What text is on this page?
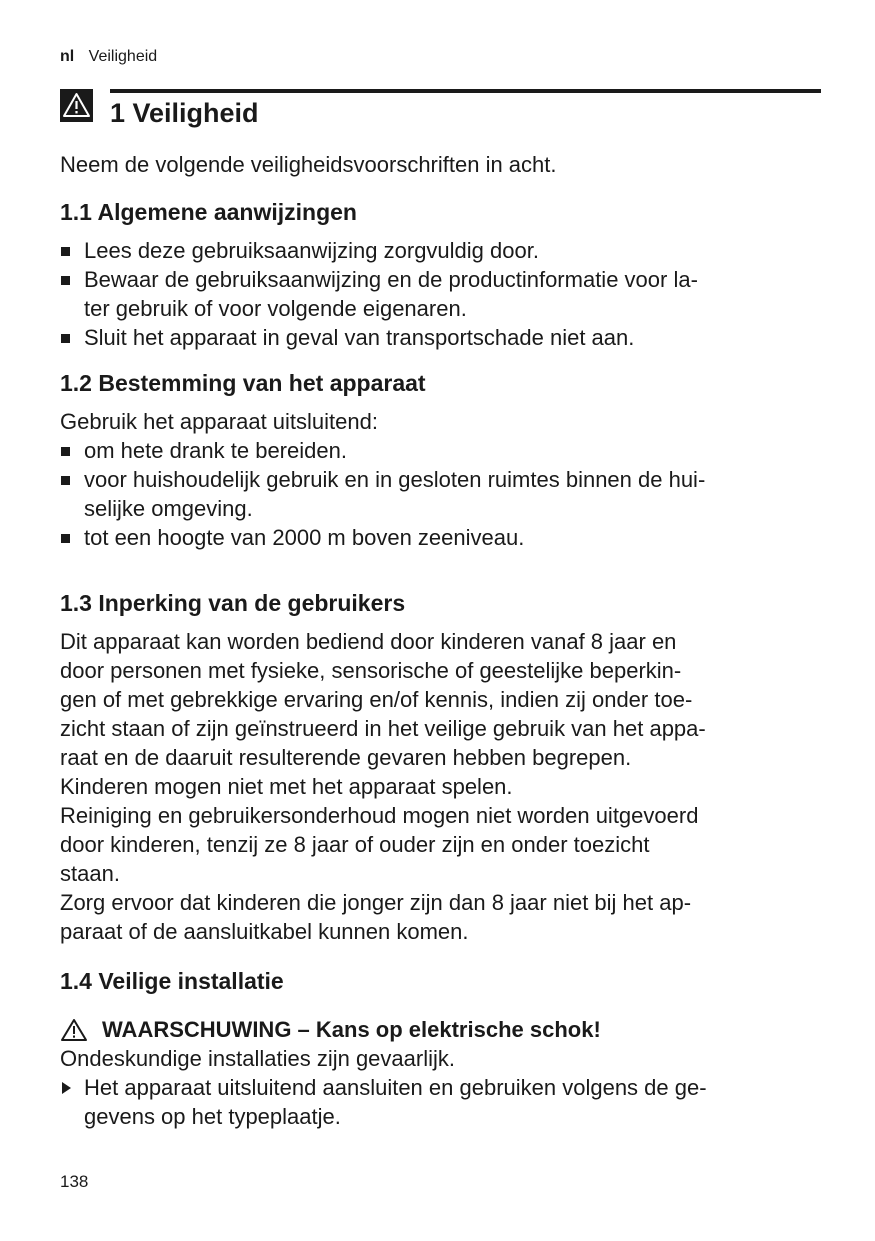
nl Veiligheid
1 Veiligheid

Neem de volgende veiligheidsvoorschriften in acht.

1.1 Algemene aanwijzingen
Lees deze gebruiksaanwijzing zorgvuldig door.
Bewaar de gebruiksaanwijzing en de productinformatie voor la-
ter gebruik of voor volgende eigenaren.
Sluit het apparaat in geval van transportschade niet aan.
1.2 Bestemming van het apparaat

Gebruik het apparaat uitsluitend:

om hete drank te bereiden.
voor huishoudelijk gebruik en in gesloten ruimtes binnen de hui-
selijke omgeving.
tot een hoogte van 2000 m boven zeeniveau.
1.3 Inperking van de gebruikers

Dit apparaat kan worden bediend door kinderen vanaf 8 jaar en
door personen met fysieke, sensorische of geestelijke beperkin-
gen of met gebrekkige ervaring en/of kennis, indien zij onder toe-
zicht staan of zijn geïnstrueerd in het veilige gebruik van het appa-
raat en de daaruit resulterende gevaren hebben begrepen.

Kinderen mogen niet met het apparaat spelen.

Reiniging en gebruikersonderhoud mogen niet worden uitgevoerd
door kinderen, tenzij ze 8 jaar of ouder zijn en onder toezicht
staan.

Zorg ervoor dat kinderen die jonger zijn dan 8 jaar niet bij het ap-
paraat of de aansluitkabel kunnen komen.

1.4 Veilige installatie

WAARSCHUWING – Kans op elektrische schok!

Ondeskundige installaties zijn gevaarlijk.

Het apparaat uitsluitend aansluiten en gebruiken volgens de ge-
gevens op het typeplaatje.
138
